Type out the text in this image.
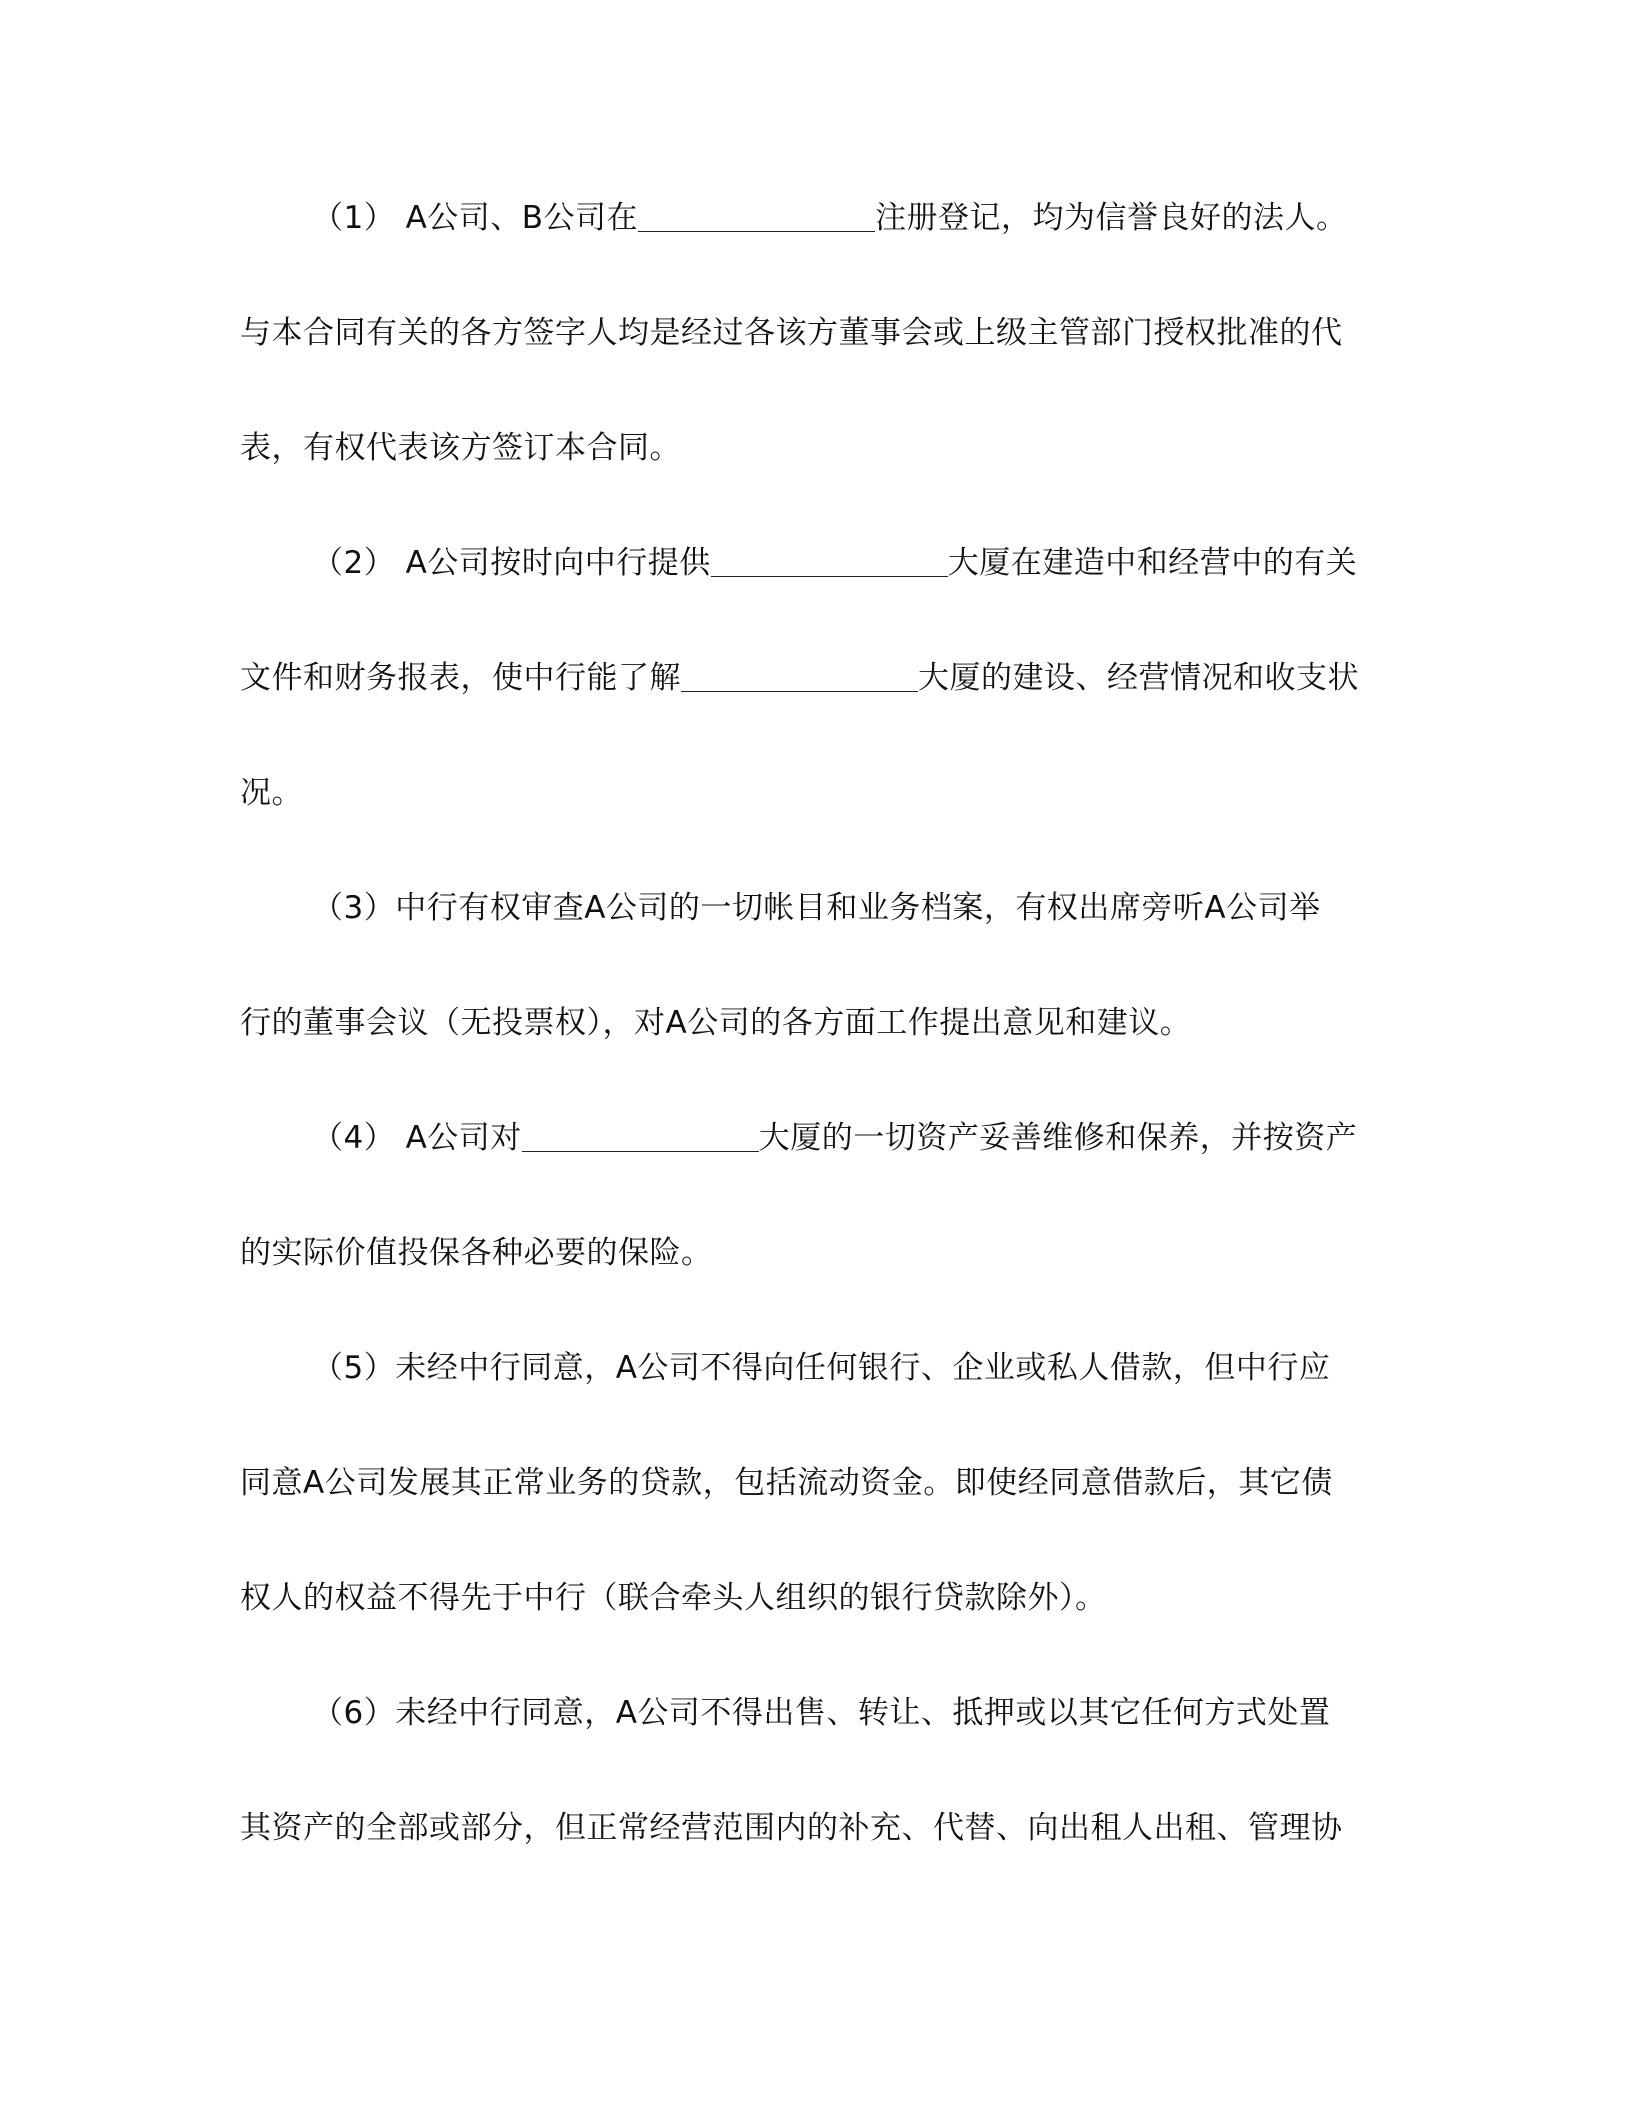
（1） A公司、B公司在	注册登记，均为信誉良好的法人。
与本合同有关的各方签字人均是经过各该方董事会或上级主管部门授权批准的代
表，有权代表该方签订本合同。
（2） A公司按时向中行提供	大厦在建造中和经营中的有关
文件和财务报表，使中行能了解	大厦的建设、经营情况和收支状
况。
（3）中行有权审查A公司的一切帐目和业务档案，有权出席旁听A公司举
行的董事会议（无投票权），对A公司的各方面工作提出意见和建议。
（4） A公司对	大厦的一切资产妥善维修和保养，并按资产
的实际价值投保各种必要的保险。
（5）未经中行同意，A公司不得向任何银行、企业或私人借款，但中行应
同意A公司发展其正常业务的贷款，包括流动资金。即使经同意借款后，其它债
权人的权益不得先于中行（联合牵头人组织的银行贷款除外）。
（6）未经中行同意，A公司不得出售、转让、抵押或以其它任何方式处置
其资产的全部或部分，但正常经营范围内的补充、代替、向出租人出租、管理协
